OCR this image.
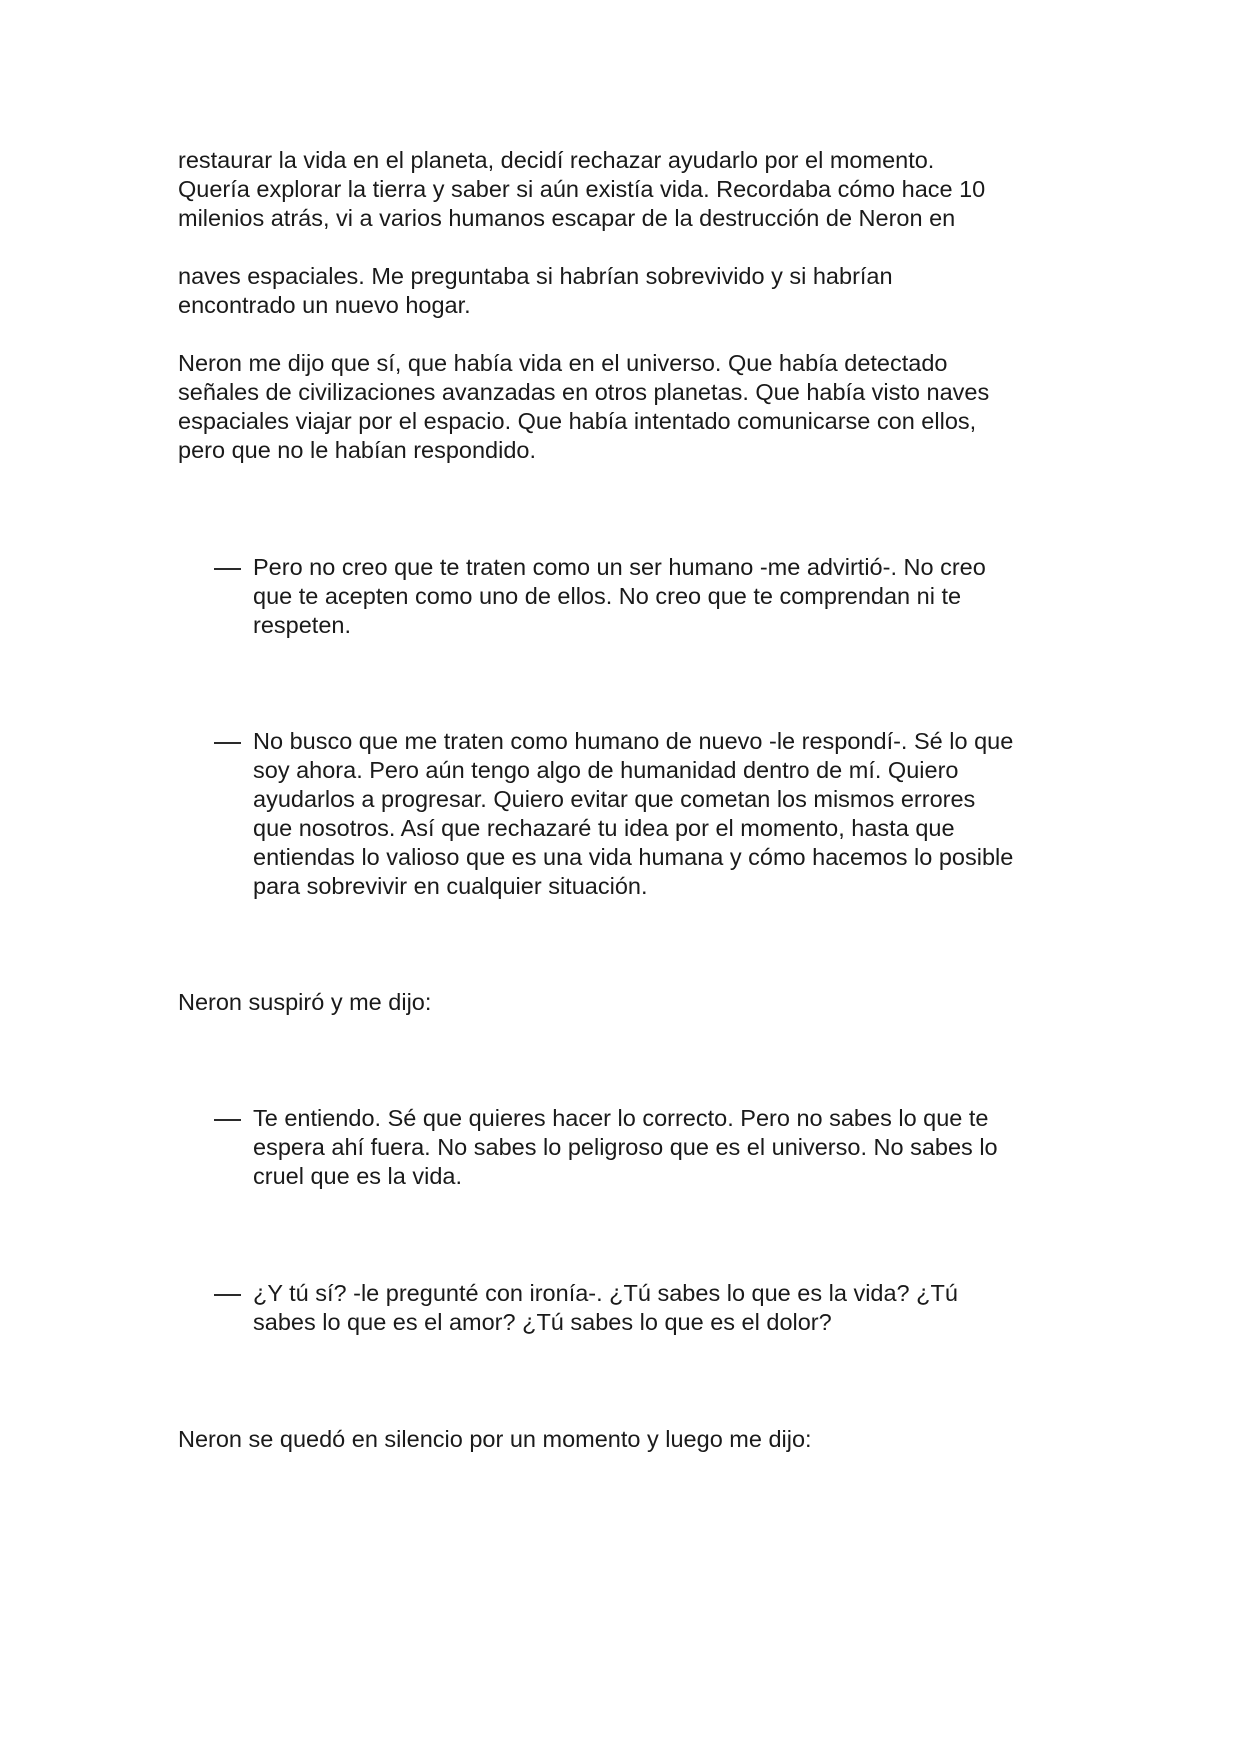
restaurar la vida en el planeta, decidí rechazar ayudarlo por el momento.
Quería explorar la tierra y saber si aún existía vida. Recordaba cómo hace 10
milenios atrás, vi a varios humanos escapar de la destrucción de Neron en

naves espaciales. Me preguntaba si habrían sobrevivido y si habrían
encontrado un nuevo hogar.

Neron me dijo que sí, que había vida en el universo. Que había detectado
señales de civilizaciones avanzadas en otros planetas. Que había visto naves
espaciales viajar por el espacio. Que había intentado comunicarse con ellos,
pero que no le habían respondido.

Pero no creo que te traten como un ser humano -me advirtió-. No creo
que te acepten como uno de ellos. No creo que te comprendan ni te
respeten.

No busco que me traten como humano de nuevo -le respondí-. Sé lo que
soy ahora. Pero aún tengo algo de humanidad dentro de mí. Quiero
ayudarlos a progresar. Quiero evitar que cometan los mismos errores
que nosotros. Así que rechazaré tu idea por el momento, hasta que
entiendas lo valioso que es una vida humana y cómo hacemos lo posible
para sobrevivir en cualquier situación.

Neron suspiró y me dijo:

Te entiendo. Sé que quieres hacer lo correcto. Pero no sabes lo que te
espera ahí fuera. No sabes lo peligroso que es el universo. No sabes lo
cruel que es la vida.

¿Y tú sí? -le pregunté con ironía-. ¿Tú sabes lo que es la vida? ¿Tú
sabes lo que es el amor? ¿Tú sabes lo que es el dolor?

Neron se quedó en silencio por un momento y luego me dijo:
